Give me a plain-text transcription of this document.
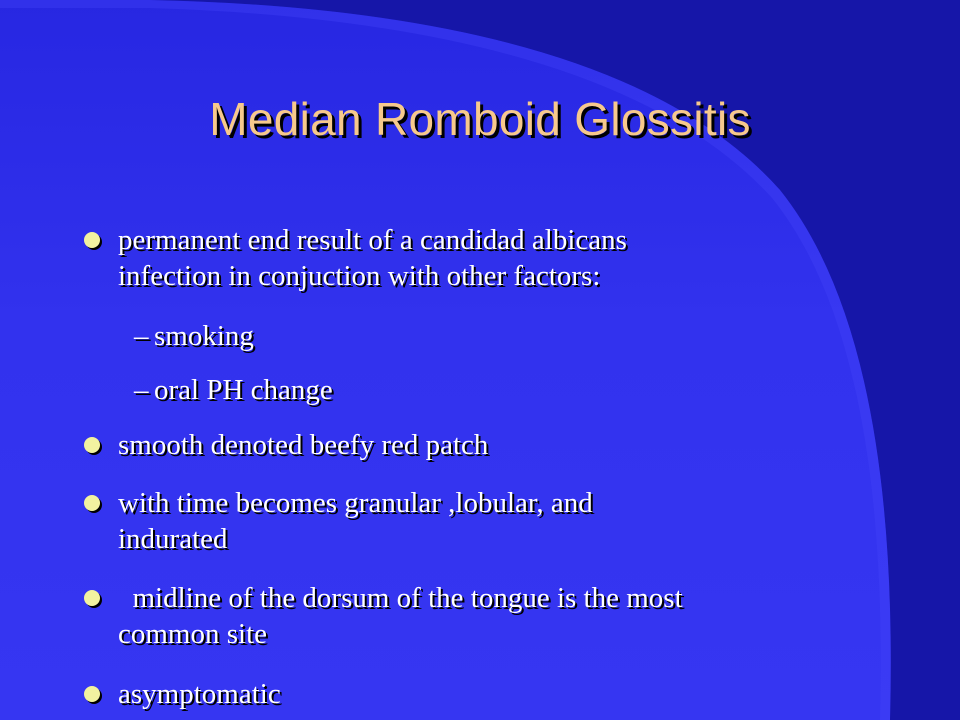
Median Romboid Glossitis
permanent end result of a candidad albicans
infection in conjuction with other factors:
– smoking
– oral PH change
smooth denoted beefy red patch
with time becomes granular ,lobular, and
indurated
midline of the dorsum of the tongue is the most
common site
asymptomatic
